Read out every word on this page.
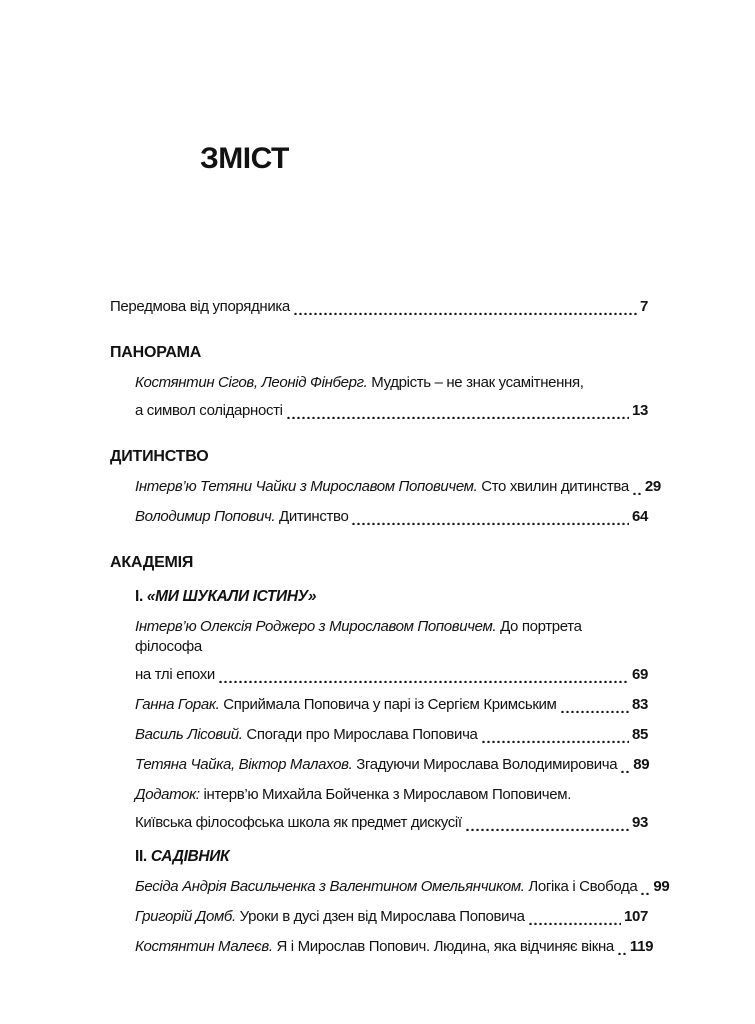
ЗМІСТ
Передмова від упорядника	7
ПАНОРАМА
Костянтин Сігов, Леонід Фінберг. Мудрість – не знак усамітнення,
а символ солідарності	13
ДИТИНСТВО
Інтерв’ю Тетяни Чайки з Мирославом Поповичем. Сто хвилин дитинства 29
Володимир Попович. Дитинство	64
АКАДЕМІЯ
І. «МИ ШУКАЛИ ІСТИНУ»
Інтерв’ю Олексія Роджеро з Мирославом Поповичем. До портрета філософа
на тлі епохи	69
Ганна Горак. Сприймала Поповича у парі із Сергієм Кримським	83
Василь Лісовий. Спогади про Мирослава Поповича	85
Тетяна Чайка, Віктор Малахов. Згадуючи Мирослава Володимировича 89
Додаток: інтерв’ю Михайла Бойченка з Мирославом Поповичем.
Київська філософська школа як предмет дискусії	93
ІІ. САДІВНИК
Бесіда Андрія Васильченка з Валентином Омельянчиком. Логіка і Свобода 99
Григорій Домб. Уроки в дусі дзен від Мирослава Поповича	107
Костянтин Малеєв. Я і Мирослав Попович. Людина, яка відчиняє вікна 119
